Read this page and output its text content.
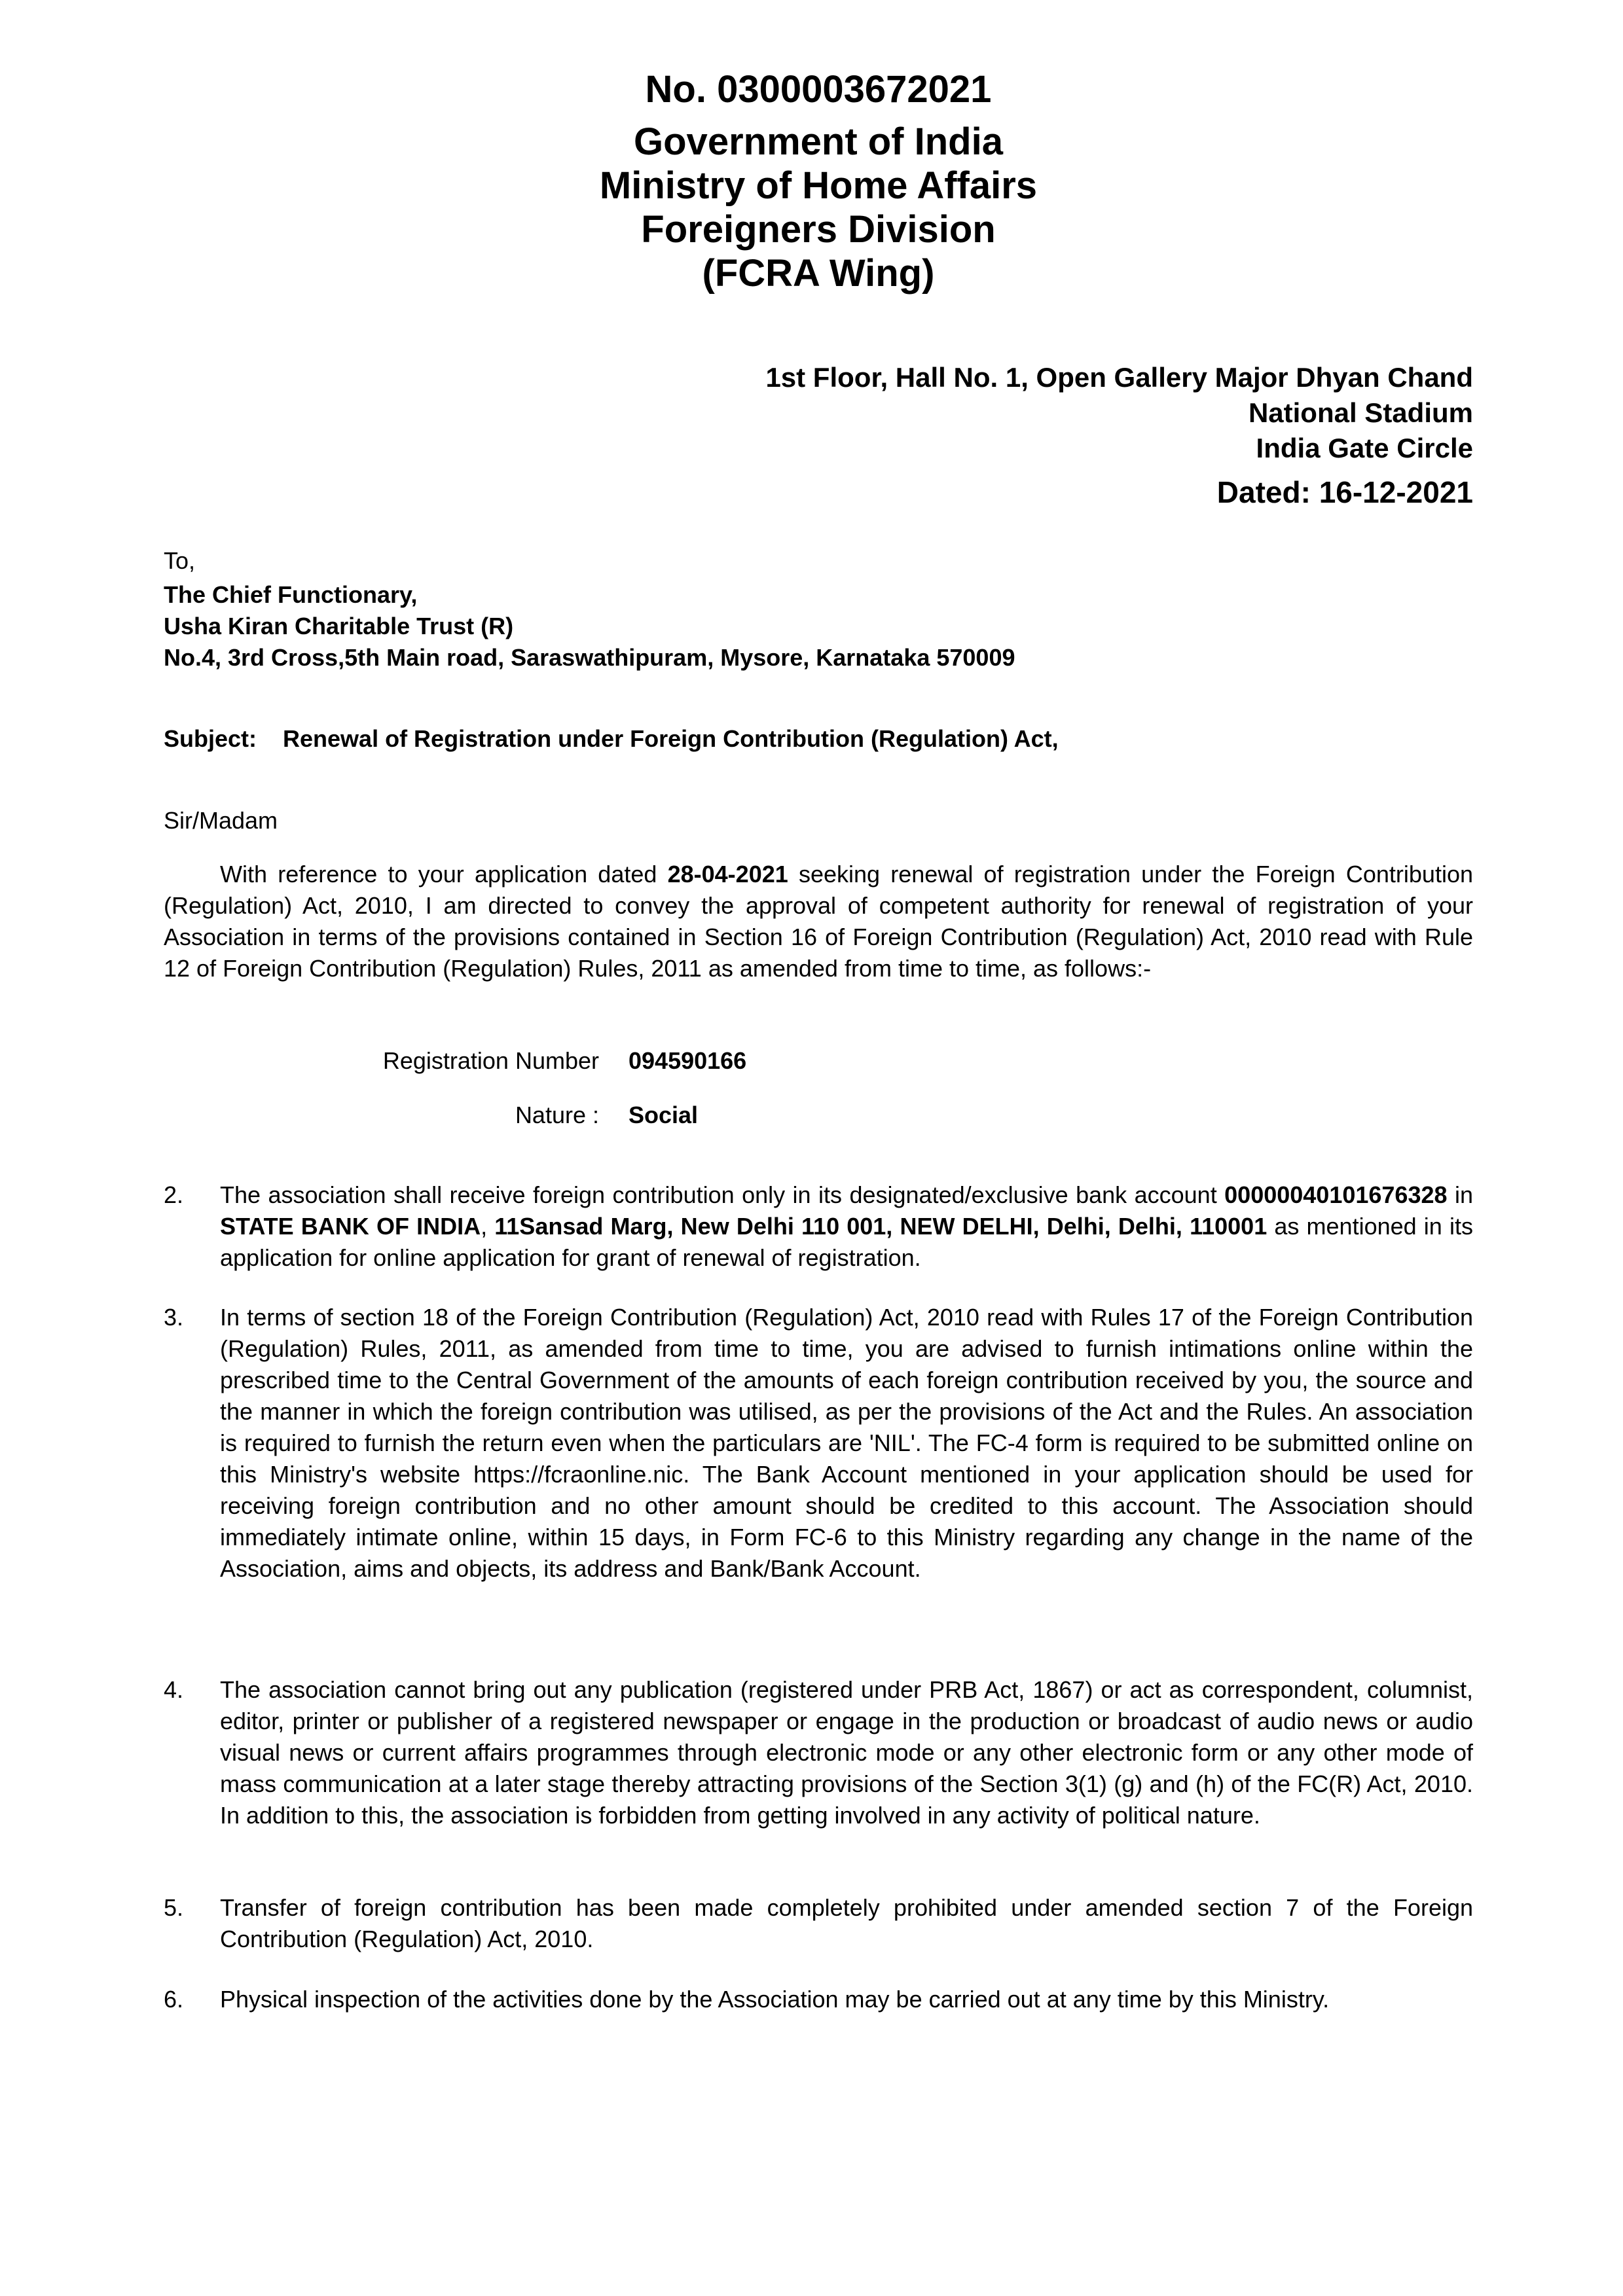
No. 0300003672021
Government of India
Ministry of Home Affairs
Foreigners Division
(FCRA Wing)
1st Floor, Hall No. 1, Open Gallery Major Dhyan Chand
National Stadium
India Gate Circle
Dated: 16-12-2021
To,
The Chief Functionary,
Usha Kiran Charitable Trust (R)
No.4, 3rd Cross,5th Main road, Saraswathipuram, Mysore, Karnataka 570009
Subject: Renewal of Registration under Foreign Contribution (Regulation) Act,
Sir/Madam

With reference to your application dated 28-04-2021 seeking renewal of registration under the Foreign Contribution (Regulation) Act, 2010, I am directed to convey the approval of competent authority for renewal of registration of your Association in terms of the provisions contained in Section 16 of Foreign Contribution (Regulation) Act, 2010 read with Rule 12 of Foreign Contribution (Regulation) Rules, 2011 as amended from time to time, as follows:-

Registration Number 094590166
Nature : Social
2.	The association shall receive foreign contribution only in its designated/exclusive bank account 00000040101676328 in STATE BANK OF INDIA, 11Sansad Marg, New Delhi 110 001, NEW DELHI, Delhi, Delhi, 110001 as mentioned in its application for online application for grant of renewal of registration.
3.	In terms of section 18 of the Foreign Contribution (Regulation) Act, 2010 read with Rules 17 of the Foreign Contribution (Regulation) Rules, 2011, as amended from time to time, you are advised to furnish intimations online within the prescribed time to the Central Government of the amounts of each foreign contribution received by you, the source and the manner in which the foreign contribution was utilised, as per the provisions of the Act and the Rules. An association is required to furnish the return even when the particulars are 'NIL'. The FC-4 form is required to be submitted online on this Ministry's website https://fcraonline.nic. The Bank Account mentioned in your application should be used for receiving foreign contribution and no other amount should be credited to this account. The Association should immediately intimate online, within 15 days, in Form FC-6 to this Ministry regarding any change in the name of the Association, aims and objects, its address and Bank/Bank Account.
4.	The association cannot bring out any publication (registered under PRB Act, 1867) or act as correspondent, columnist, editor, printer or publisher of a registered newspaper or engage in the production or broadcast of audio news or audio visual news or current affairs programmes through electronic mode or any other electronic form or any other mode of mass communication at a later stage thereby attracting provisions of the Section 3(1) (g) and (h) of the FC(R) Act, 2010. In addition to this, the association is forbidden from getting involved in any activity of political nature.
5.	Transfer of foreign contribution has been made completely prohibited under amended section 7 of the Foreign Contribution (Regulation) Act, 2010.
6.	Physical inspection of the activities done by the Association may be carried out at any time by this Ministry.
